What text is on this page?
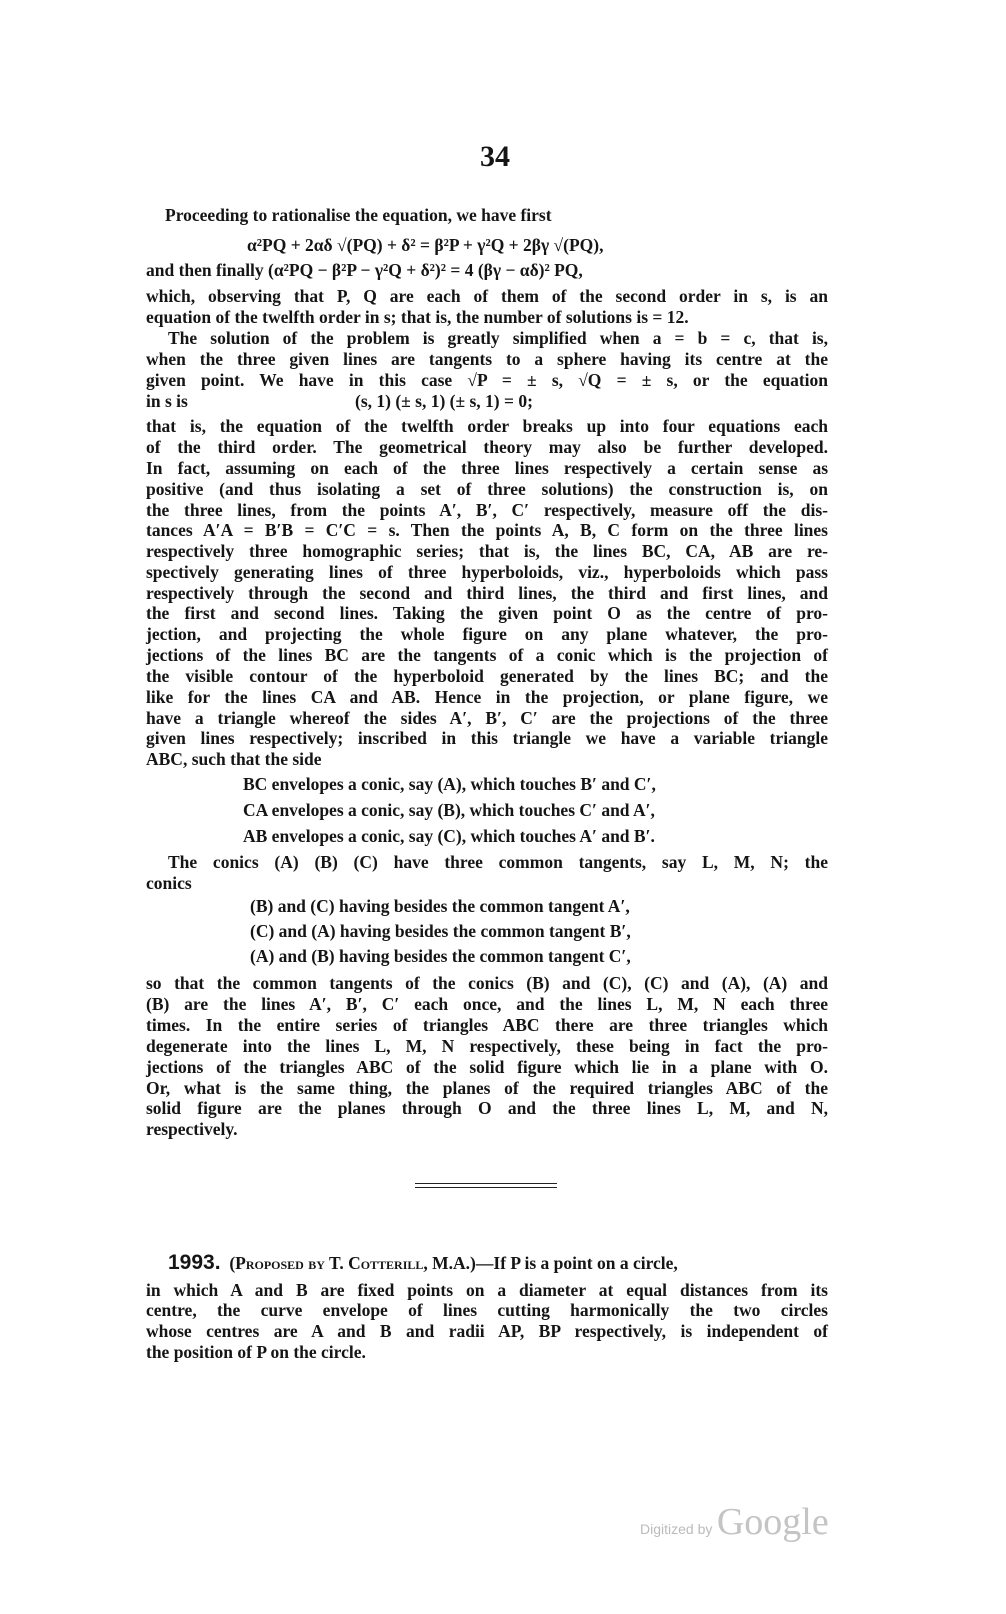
34
Proceeding to rationalise the equation, we have first
α²PQ + 2αδ √(PQ) + δ² = β²P + γ²Q + 2βγ √(PQ),
and then finally (α²PQ − β²P − γ²Q + δ²)² = 4 (βγ − αδ)² PQ,
which, observing that P, Q are each of them of the second order in s, is an
equation of the twelfth order in s; that is, the number of solutions is = 12.
The solution of the problem is greatly simplified when a = b = c, that is,
when the three given lines are tangents to a sphere having its centre at the
given point. We have in this case √P = ± s, √Q = ± s, or the equation
in s is	(s, 1) (± s, 1) (± s, 1) = 0;
that is, the equation of the twelfth order breaks up into four equations each
of the third order. The geometrical theory may also be further developed.
In fact, assuming on each of the three lines respectively a certain sense as
positive (and thus isolating a set of three solutions) the construction is, on
the three lines, from the points A′, B′, C′ respectively, measure off the dis-
tances A′A = B′B = C′C = s. Then the points A, B, C form on the three lines
respectively three homographic series; that is, the lines BC, CA, AB are re-
spectively generating lines of three hyperboloids, viz., hyperboloids which pass
respectively through the second and third lines, the third and first lines, and
the first and second lines. Taking the given point O as the centre of pro-
jection, and projecting the whole figure on any plane whatever, the pro-
jections of the lines BC are the tangents of a conic which is the projection of
the visible contour of the hyperboloid generated by the lines BC; and the
like for the lines CA and AB. Hence in the projection, or plane figure, we
have a triangle whereof the sides A′, B′, C′ are the projections of the three
given lines respectively; inscribed in this triangle we have a variable triangle
ABC, such that the side
BC envelopes a conic, say (A), which touches B′ and C′,
CA envelopes a conic, say (B), which touches C′ and A′,
AB envelopes a conic, say (C), which touches A′ and B′.
The conics (A) (B) (C) have three common tangents, say L, M, N; the
conics
(B) and (C) having besides the common tangent A′,
(C) and (A) having besides the common tangent B′,
(A) and (B) having besides the common tangent C′,
so that the common tangents of the conics (B) and (C), (C) and (A), (A) and
(B) are the lines A′, B′, C′ each once, and the lines L, M, N each three
times. In the entire series of triangles ABC there are three triangles which
degenerate into the lines L, M, N respectively, these being in fact the pro-
jections of the triangles ABC of the solid figure which lie in a plane with O.
Or, what is the same thing, the planes of the required triangles ABC of the
solid figure are the planes through O and the three lines L, M, and N,
respectively.
1993. (Proposed by T. Cotterill, M.A.)—If P is a point on a circle,
in which A and B are fixed points on a diameter at equal distances from its
centre, the curve envelope of lines cutting harmonically the two circles
whose centres are A and B and radii AP, BP respectively, is independent of
the position of P on the circle.
Digitized by Google
